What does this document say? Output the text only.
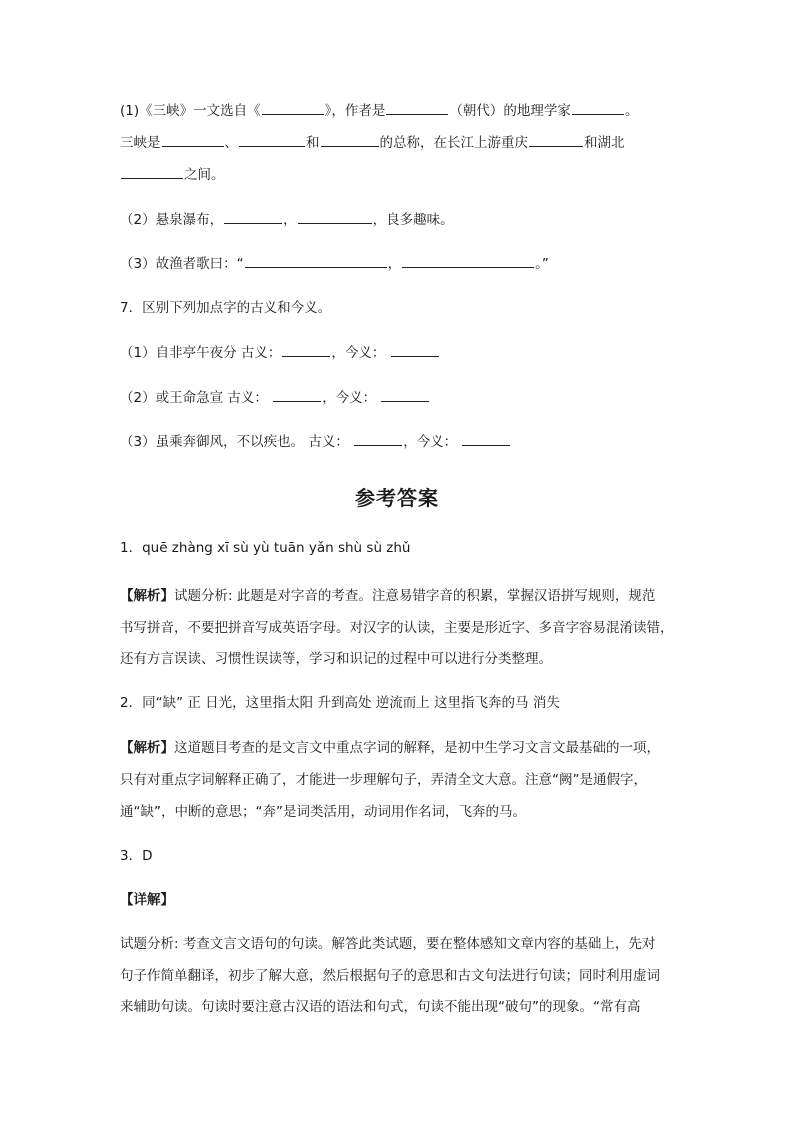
(1)《三峡》一文选自《	》，作者是	（朝代）的地理学家	。
三峡是	、	和	的总称，在长江上游重庆	和湖北
之间。
（2）悬泉瀑布，	，	，良多趣味。
（3）故渔者歌曰：“	，	。”
7．区别下列加点字的古义和今义。
（1）自非亭午夜分 古义：	，今义：
（2）或王命急宣 古义：	，今义：
（3）虽乘奔御风，不以疾也。 古义：	，今义：
参考答案
1．quē zhàng xī sù yù tuān yǎn shù sù zhǔ
【解析】试题分析: 此题是对字音的考查。注意易错字音的积累，掌握汉语拼写规则，规范
书写拼音，不要把拼音写成英语字母。对汉字的认读，主要是形近字、多音字容易混淆读错，
还有方言误读、习惯性误读等，学习和识记的过程中可以进行分类整理。
2．同“缺” 正 日光，这里指太阳 升到高处 逆流而上 这里指飞奔的马 消失
【解析】这道题目考查的是文言文中重点字词的解释，是初中生学习文言文最基础的一项，
只有对重点字词解释正确了，才能进一步理解句子，弄清全文大意。注意“阙”是通假字，
通“缺”，中断的意思；“奔”是词类活用，动词用作名词，飞奔的马。
3．D
【详解】
试题分析: 考查文言文语句的句读。解答此类试题，要在整体感知文章内容的基础上，先对
句子作简单翻译，初步了解大意，然后根据句子的意思和古文句法进行句读；同时利用虚词
来辅助句读。句读时要注意古汉语的语法和句式，句读不能出现“破句”的现象。“常有高
